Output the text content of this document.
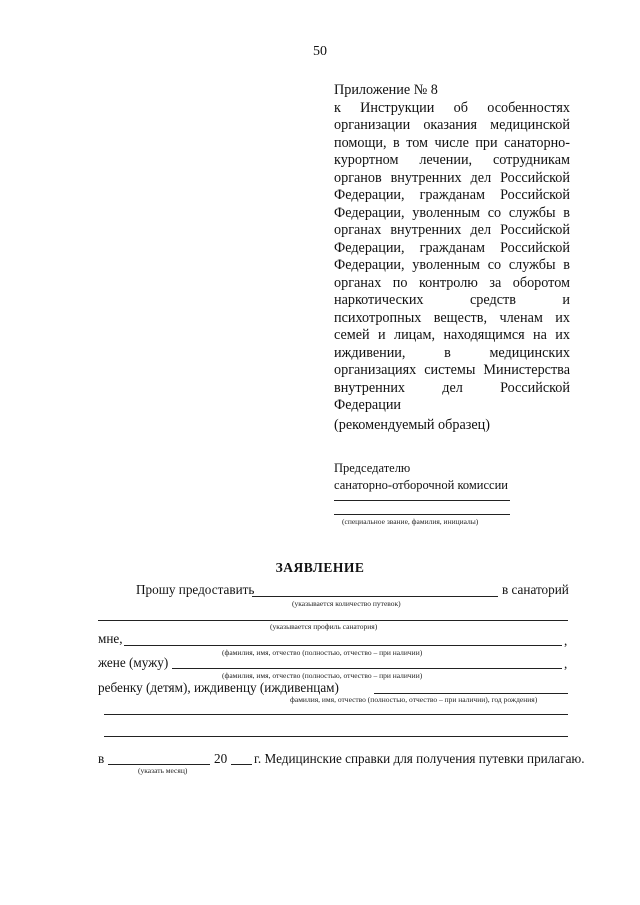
50
Приложение № 8
к Инструкции об особенностях организации оказания медицинской помощи, в том числе при санаторно-курортном лечении, сотрудникам органов внутренних дел Российской Федерации, гражданам Российской Федерации, уволенным со службы в органах внутренних дел Российской Федерации, гражданам Российской Федерации, уволенным со службы в органах по контролю за оборотом наркотических средств и психотропных веществ, членам их семей и лицам, находящимся на их иждивении, в медицинских организациях системы Министерства внутренних дел Российской
Федерации
(рекомендуемый образец)
Председателю
санаторно-отборочной комиссии
(специальное звание, фамилия, инициалы)
ЗАЯВЛЕНИЕ
Прошу предоставить	в санаторий
(указывается количество путевок)
(указывается профиль санатория)
мне,	,
(фамилия, имя, отчество (полностью, отчество – при наличии)
жене (мужу)	,
(фамилия, имя, отчество (полностью, отчество – при наличии)
ребенку (детям), иждивенцу (иждивенцам)
фамилия, имя, отчество (полностью, отчество – при наличии), год рождения)
в	20 г. Медицинские справки для получения путевки прилагаю.
(указать месяц)
